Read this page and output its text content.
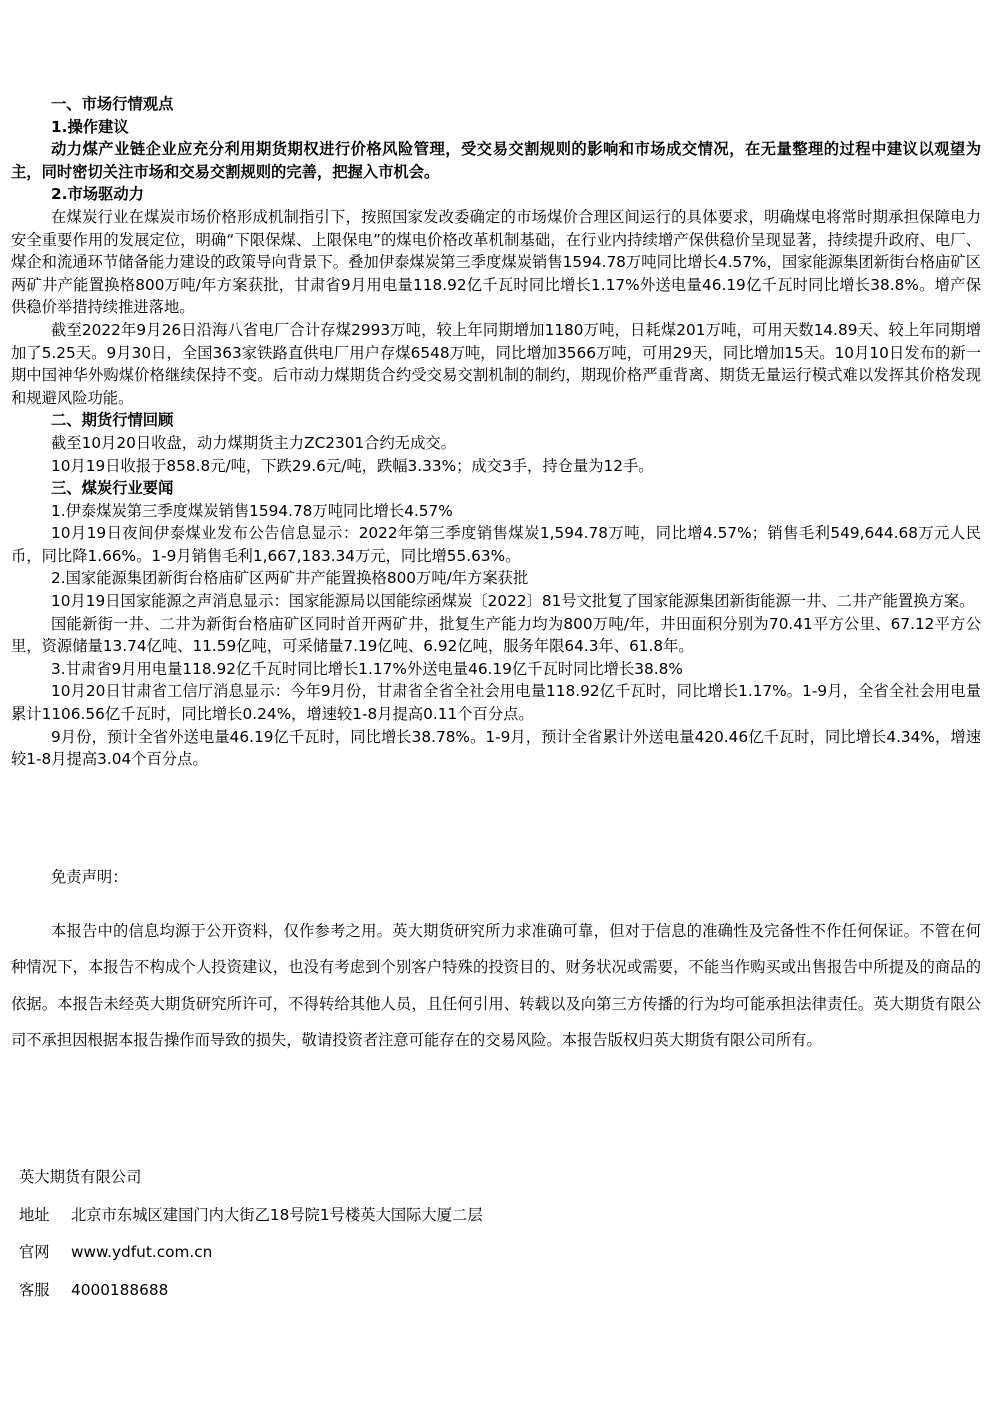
一、市场行情观点

1.操作建议

动力煤产业链企业应充分利用期货期权进行价格风险管理，受交易交割规则的影响和市场成交情况，在无量整理的过程中建议以观望为主，同时密切关注市场和交易交割规则的完善，把握入市机会。

2.市场驱动力

在煤炭行业在煤炭市场价格形成机制指引下，按照国家发改委确定的市场煤价合理区间运行的具体要求，明确煤电将常时期承担保障电力安全重要作用的发展定位，明确“下限保煤、上限保电”的煤电价格改革机制基础，在行业内持续增产保供稳价呈现显著，持续提升政府、电厂、煤企和流通环节储备能力建设的政策导向背景下。叠加伊泰煤炭第三季度煤炭销售1594.78万吨同比增长4.57%，国家能源集团新街台格庙矿区两矿井产能置换格800万吨/年方案获批，甘肃省9月用电量118.92亿千瓦时同比增长1.17%外送电量46.19亿千瓦时同比增长38.8%。增产保供稳价举措持续推进落地。

截至2022年9月26日沿海八省电厂合计存煤2993万吨，较上年同期增加1180万吨，日耗煤201万吨，可用天数14.89天、较上年同期增加了5.25天。9月30日，全国363家铁路直供电厂用户存煤6548万吨，同比增加3566万吨，可用29天，同比增加15天。10月10日发布的新一期中国神华外购煤价格继续保持不变。后市动力煤期货合约受交易交割机制的制约，期现价格严重背离、期货无量运行模式难以发挥其价格发现和规避风险功能。

二、期货行情回顾

截至10月20日收盘，动力煤期货主力ZC2301合约无成交。

10月19日收报于858.8元/吨，下跌29.6元/吨，跌幅3.33%；成交3手，持仓量为12手。

三、煤炭行业要闻

1.伊泰煤炭第三季度煤炭销售1594.78万吨同比增长4.57%

10月19日夜间伊泰煤业发布公告信息显示：2022年第三季度销售煤炭1,594.78万吨，同比增4.57%；销售毛利549,644.68万元人民币，同比降1.66%。1-9月销售毛利1,667,183.34万元，同比增55.63%。

2.国家能源集团新街台格庙矿区两矿井产能置换格800万吨/年方案获批

10月19日国家能源之声消息显示：国家能源局以国能综函煤炭〔2022〕81号文批复了国家能源集团新街能源一井、二井产能置换方案。

国能新街一井、二井为新街台格庙矿区同时首开两矿井，批复生产能力均为800万吨/年，井田面积分别为70.41平方公里、67.12平方公里，资源储量13.74亿吨、11.59亿吨，可采储量7.19亿吨、6.92亿吨，服务年限64.3年、61.8年。

3.甘肃省9月用电量118.92亿千瓦时同比增长1.17%外送电量46.19亿千瓦时同比增长38.8%

10月20日甘肃省工信厅消息显示：今年9月份，甘肃省全省全社会用电量118.92亿千瓦时，同比增长1.17%。1-9月，全省全社会用电量累计1106.56亿千瓦时，同比增长0.24%，增速较1-8月提高0.11个百分点。

9月份，预计全省外送电量46.19亿千瓦时，同比增长38.78%。1-9月，预计全省累计外送电量420.46亿千瓦时，同比增长4.34%，增速较1-8月提高3.04个百分点。

免责声明：

本报告中的信息均源于公开资料，仅作参考之用。英大期货研究所力求准确可靠，但对于信息的准确性及完备性不作任何保证。不管在何种情况下，本报告不构成个人投资建议，也没有考虑到个别客户特殊的投资目的、财务状况或需要，不能当作购买或出售报告中所提及的商品的依据。本报告未经英大期货研究所许可，不得转给其他人员，且任何引用、转载以及向第三方传播的行为均可能承担法律责任。英大期货有限公司不承担因根据本报告操作而导致的损失，敬请投资者注意可能存在的交易风险。本报告版权归英大期货有限公司所有。

英大期货有限公司
地址 北京市东城区建国门内大街乙18号院1号楼英大国际大厦二层
官网 www.ydfut.com.cn
客服 4000188688
